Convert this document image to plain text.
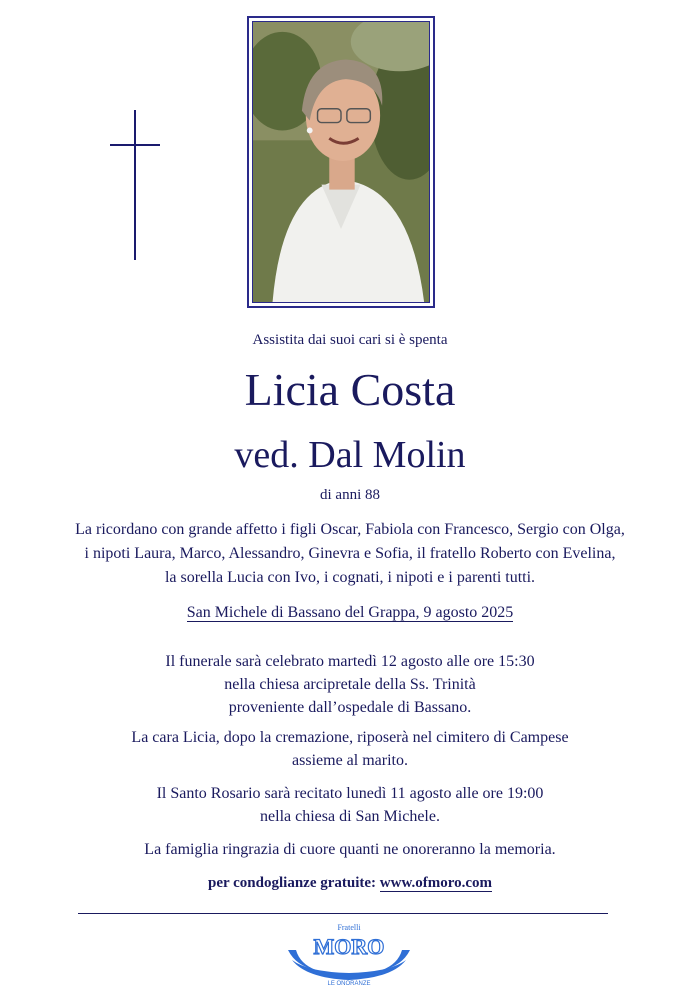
Assistita dai suoi cari si è spenta
Licia Costa
ved. Dal Molin
di anni 88
La ricordano con grande affetto i figli Oscar, Fabiola con Francesco, Sergio con Olga,
i nipoti Laura, Marco, Alessandro, Ginevra e Sofia, il fratello Roberto con Evelina,
la sorella Lucia con Ivo, i cognati, i nipoti e i parenti tutti.
San Michele di Bassano del Grappa, 9 agosto 2025
Il funerale sarà celebrato martedì 12 agosto alle ore 15:30
nella chiesa arcipretale della Ss. Trinità
proveniente dall’ospedale di Bassano.
La cara Licia, dopo la cremazione, riposerà nel cimitero di Campese
assieme al marito.
Il Santo Rosario sarà recitato lunedì 11 agosto alle ore 19:00
nella chiesa di San Michele.
La famiglia ringrazia di cuore quanti ne onoreranno la memoria.
per condoglianze gratuite: www.ofmoro.com
Fratelli
MORO
LE ONORANZE
